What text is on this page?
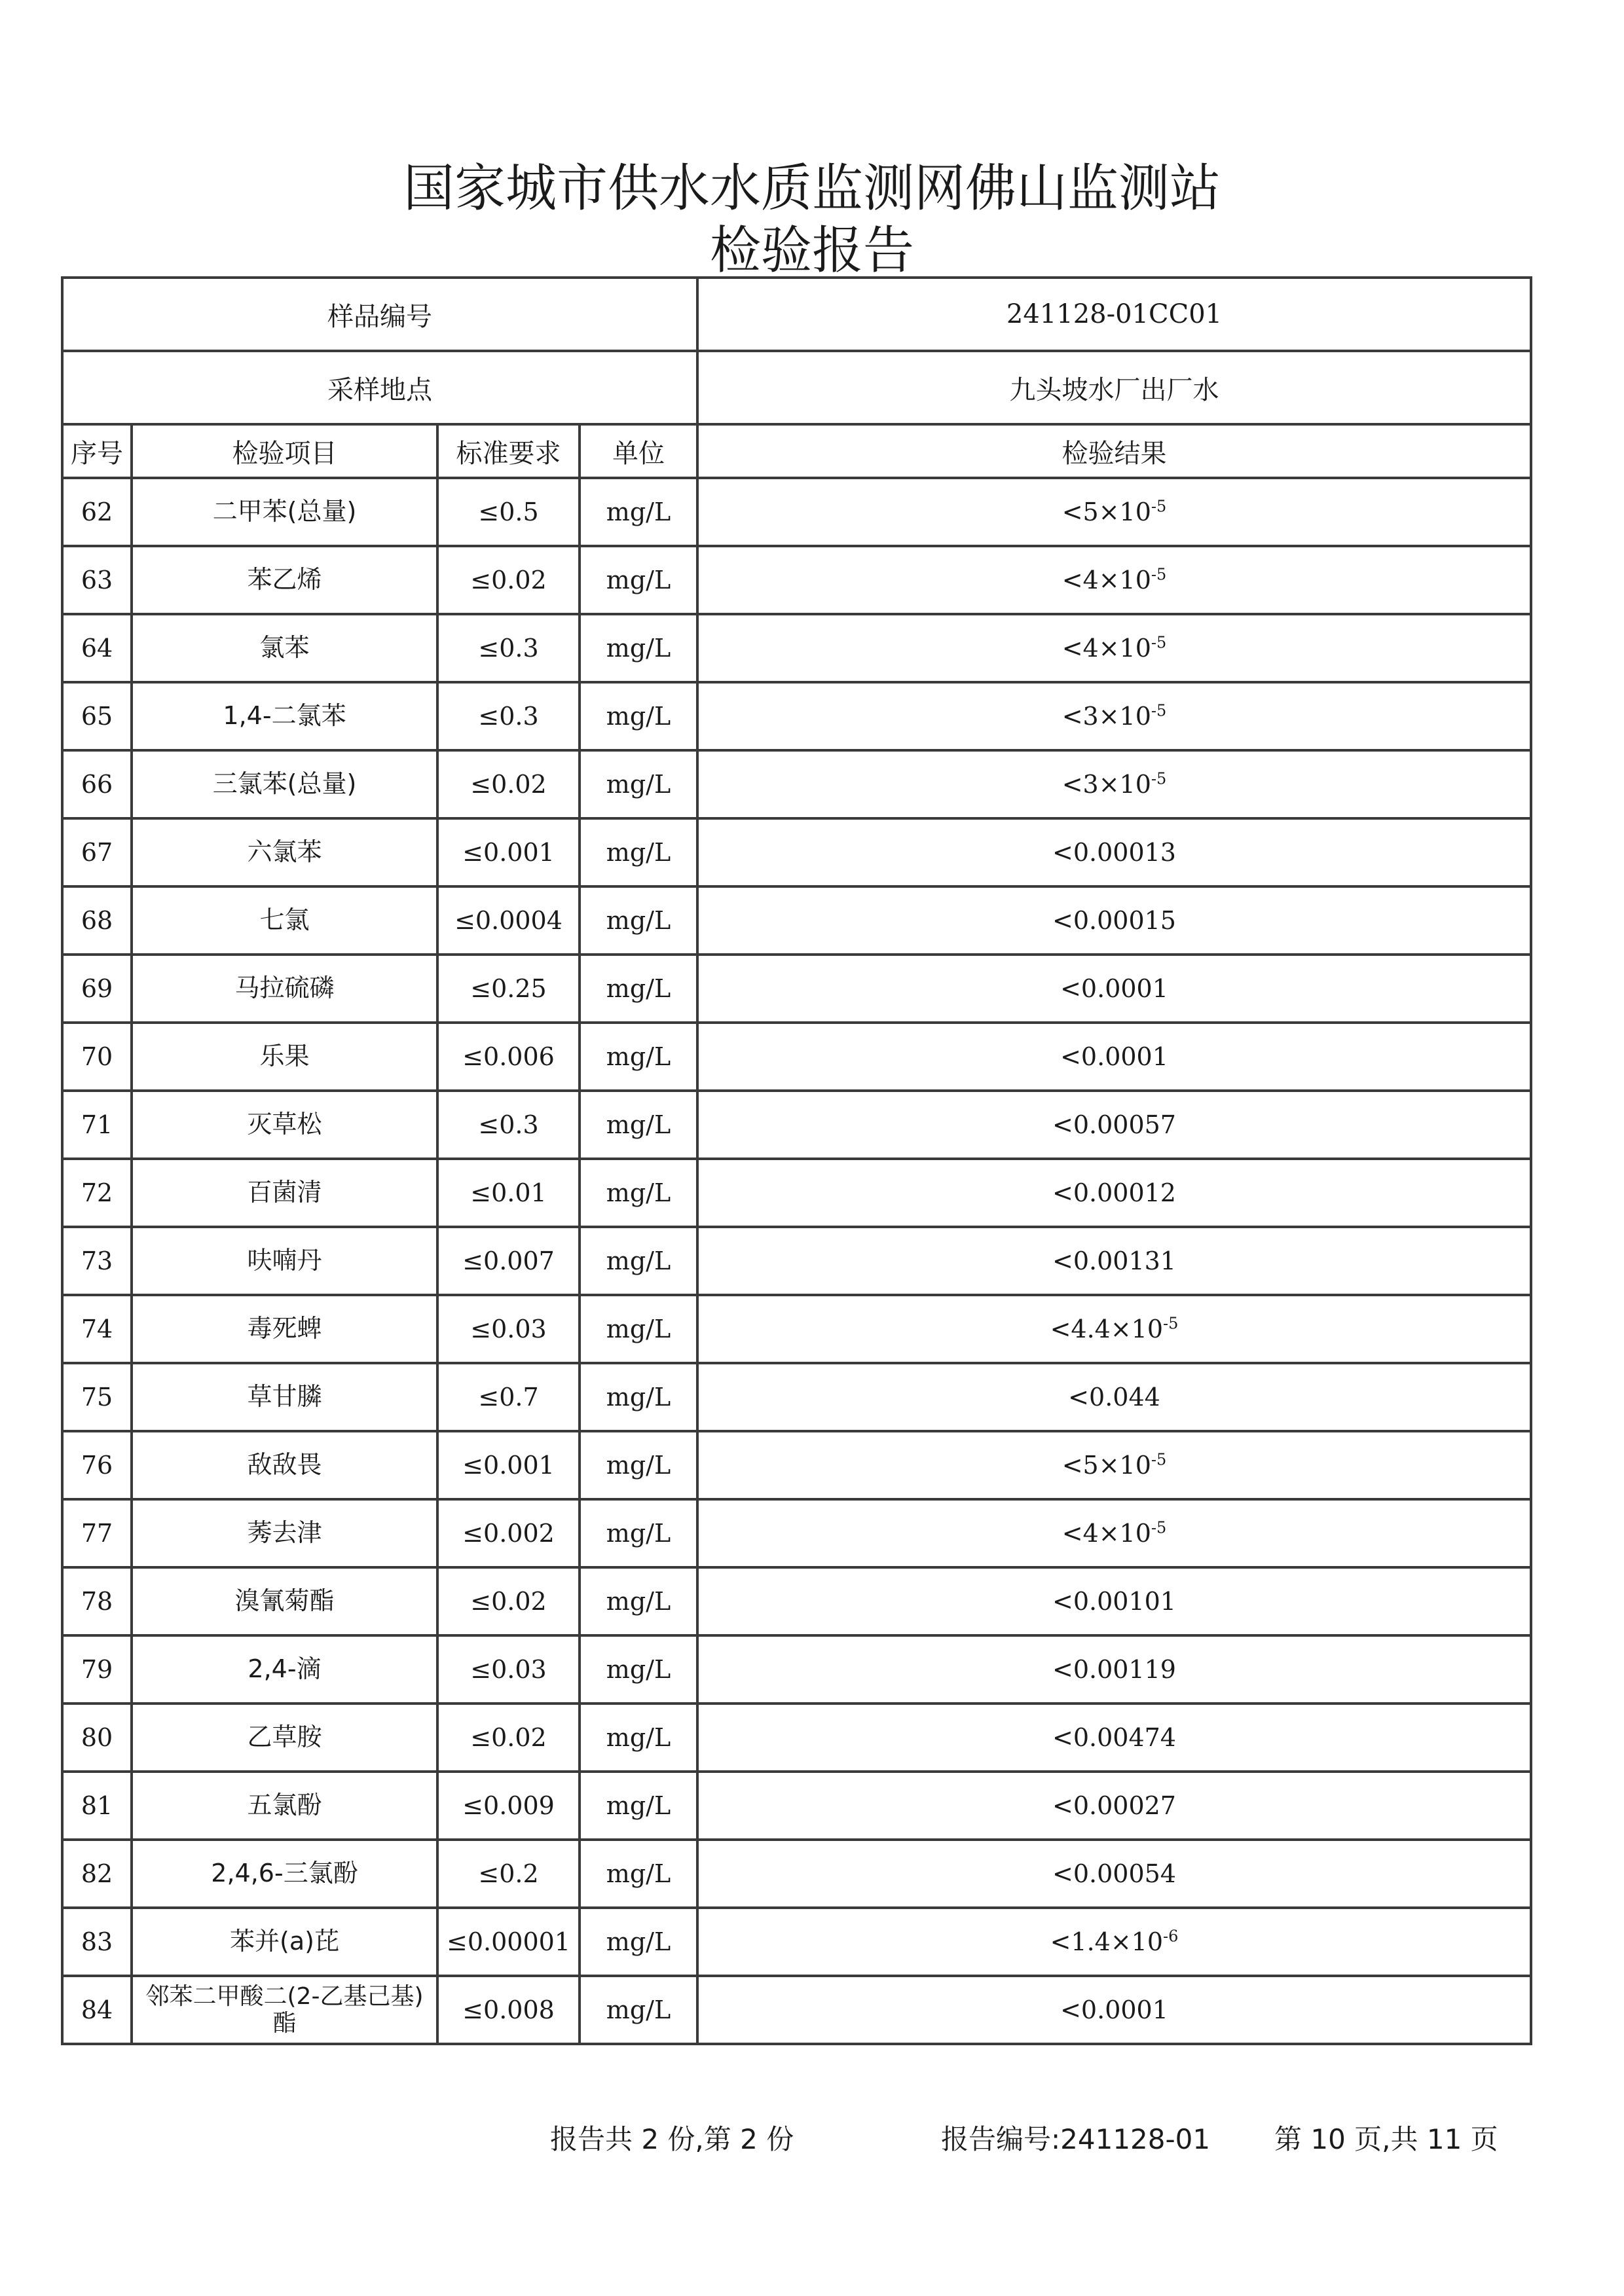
国家城市供水水质监测网佛山监测站
检验报告
样品编号				241128-01CC01
采样地点				九头坡水厂出厂水
序号	检验项目	标准要求	单位	检验结果
62	二甲苯(总量)	≤0.5	mg/L	$<5\times 10^{-5}$
63	苯乙烯	≤0.02	mg/L	$<4\times 10^{-5}$
64	氯苯	≤0.3	mg/L	$<4\times 10^{-5}$
65	1,4-二氯苯	≤0.3	mg/L	$<3\times 10^{-5}$
66	三氯苯(总量)	≤0.02	mg/L	$<3\times 10^{-5}$
67	六氯苯	≤0.001	mg/L	<0.00013
68	七氯	≤0.0004	mg/L	<0.00015
69	马拉硫磷	≤0.25	mg/L	<0.0001
70	乐果	≤0.006	mg/L	<0.0001
71	灭草松	≤0.3	mg/L	<0.00057
72	百菌清	≤0.01	mg/L	<0.00012
73	呋喃丹	≤0.007	mg/L	<0.00131
74	毒死蜱	≤0.03	mg/L	$<4.4\times 10^{-5}$
75	草甘膦	≤0.7	mg/L	<0.044
76	敌敌畏	≤0.001	mg/L	$<5\times 10^{-5}$
77	莠去津	≤0.002	mg/L	$<4\times 10^{-5}$
78	溴氰菊酯	≤0.02	mg/L	<0.00101
79	2,4-滴	≤0.03	mg/L	<0.00119
80	乙草胺	≤0.02	mg/L	<0.00474
81	五氯酚	≤0.009	mg/L	<0.00027
82	2,4,6-三氯酚	≤0.2	mg/L	<0.00054
83	苯并(a)芘	≤0.00001	mg/L	$<1.4\times 10^{-6}$
84	邻苯二甲酸二(2-乙基己基)酯	≤0.008	mg/L	<0.0001
报告共 2 份,第 2 份	报告编号:241128-01 第 10 页,共 11 页
